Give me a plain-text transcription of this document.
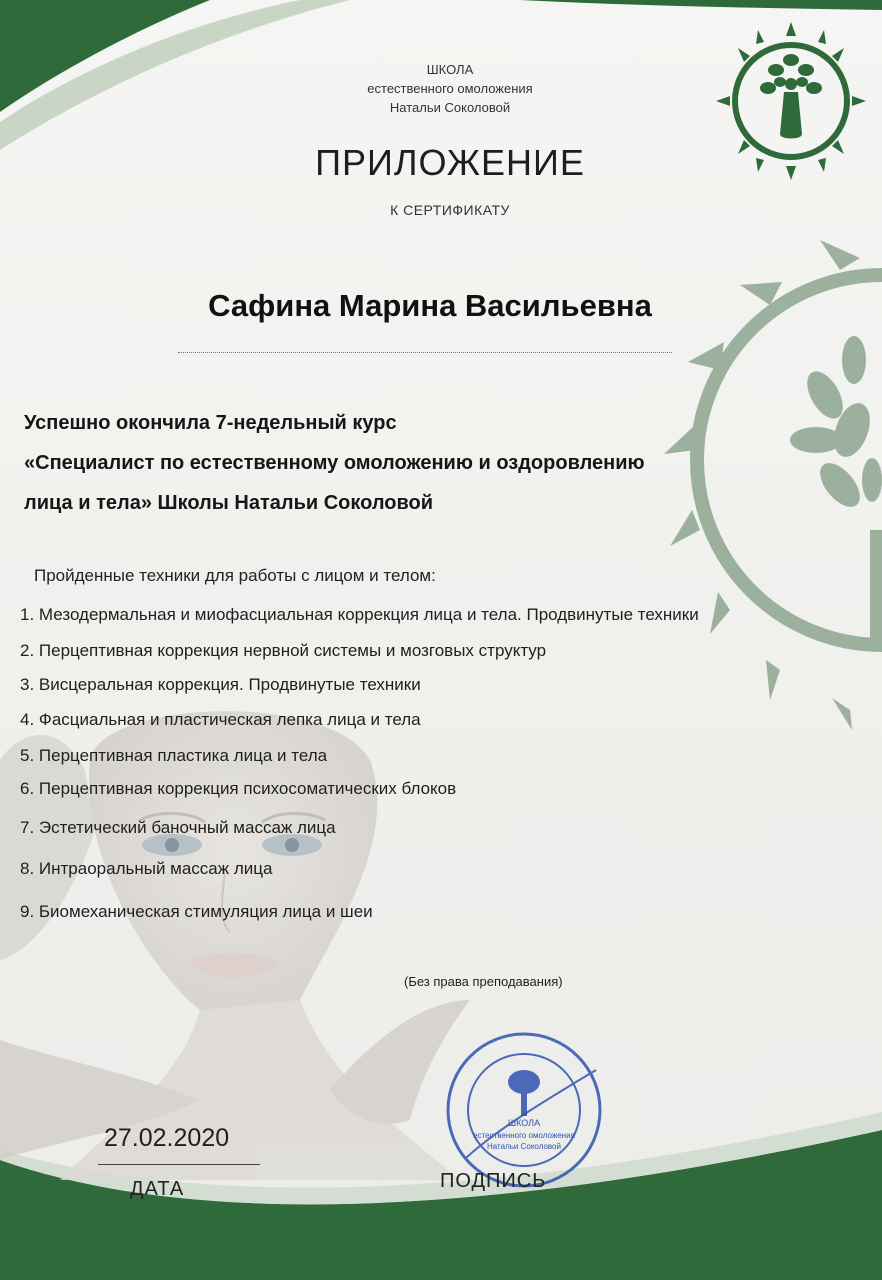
ШКОЛА
естественного омоложения
Натальи Соколовой
ШКОЛА
естественного омоложения
Натальи Соколовой
ПРИЛОЖЕНИЕ
К СЕРТИФИКАТУ
Сафина Марина Васильевна
Успешно окончила 7-недельный курс
«Специалист по естественному омоложению и оздоровлению
лица и тела» Школы Натальи Соколовой
Пройденные техники для работы с лицом и телом:
1. Мезодермальная и миофасциальная коррекция лица и тела. Продвинутые техники
2. Перцептивная коррекция нервной системы и мозговых структур
3. Висцеральная коррекция. Продвинутые техники
4. Фасциальная и пластическая лепка лица и тела
5. Перцептивная пластика лица и тела
6. Перцептивная коррекция психосоматических блоков
7. Эстетический баночный массаж лица
8. Интраоральный массаж лица
9. Биомеханическая стимуляция лица и шеи
(Без права преподавания)
27.02.2020
ДАТА	ПОДПИСЬ
